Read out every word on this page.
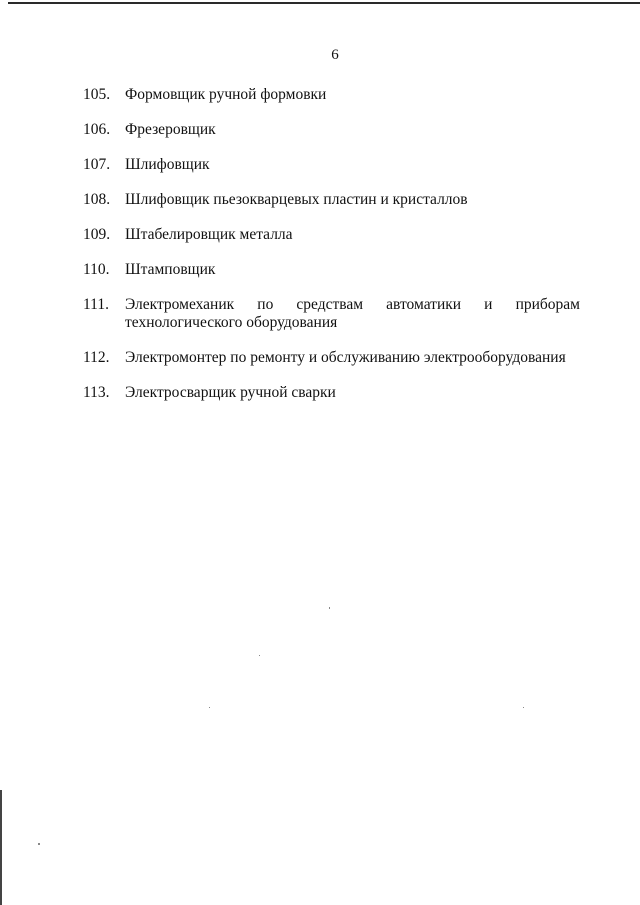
6
105. Формовщик ручной формовки
106. Фрезеровщик
107. Шлифовщик
108. Шлифовщик пьезокварцевых пластин и кристаллов
109. Штабелировщик металла
110. Штамповщик
111.	Электромеханик по средствам автоматики и приборам технологического оборудования
112. Электромонтер по ремонту и обслуживанию электрооборудования
113. Электросварщик ручной сварки
